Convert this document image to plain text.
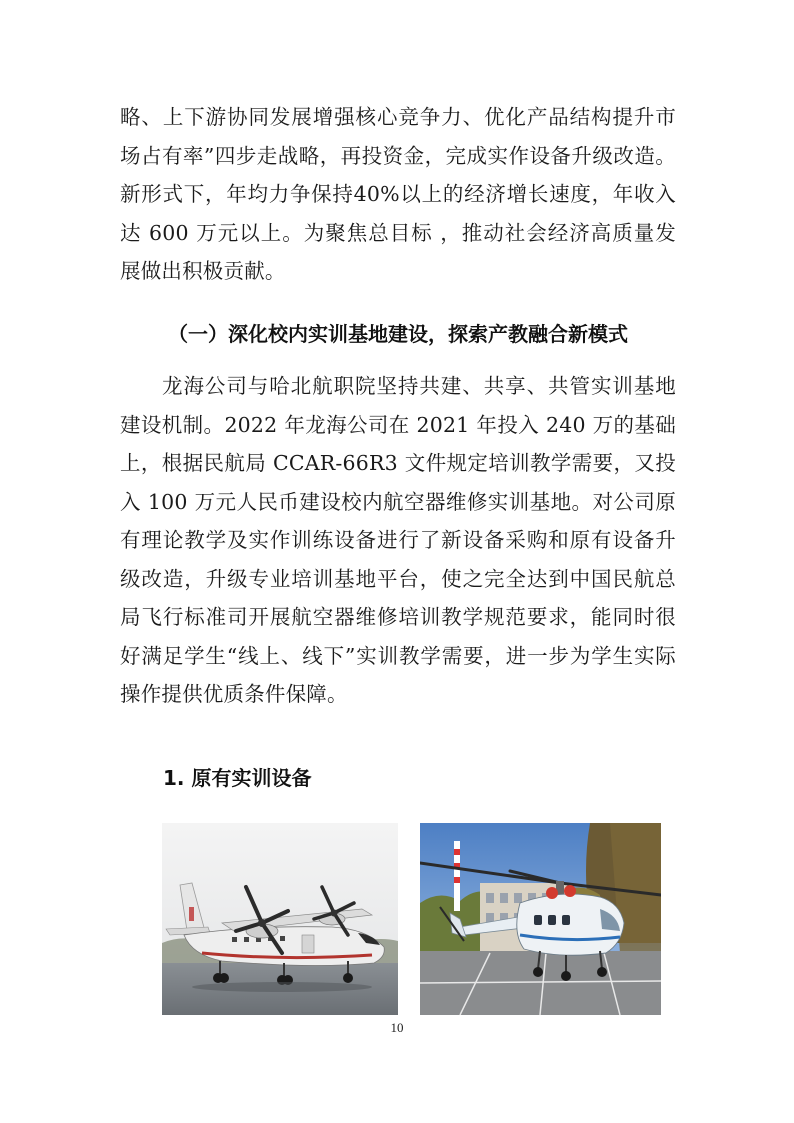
略、上下游协同发展增强核心竞争力、优化产品结构提升市场占有率”四步走战略，再投资金，完成实作设备升级改造。新形式下，年均力争保持40%以上的经济增长速度，年收入达 600 万元以上。为聚焦总目标 ，推动社会经济高质量发展做出积极贡献。

（一）深化校内实训基地建设，探索产教融合新模式

龙海公司与哈北航职院坚持共建、共享、共管实训基地建设机制。2022 年龙海公司在 2021 年投入 240 万的基础上，根据民航局 CCAR-66R3 文件规定培训教学需要，又投入 100 万元人民币建设校内航空器维修实训基地。对公司原有理论教学及实作训练设备进行了新设备采购和原有设备升级改造，升级专业培训基地平台，使之完全达到中国民航总局飞行标准司开展航空器维修培训教学规范要求，能同时很好满足学生“线上、线下”实训教学需要，进一步为学生实际操作提供优质条件保障。

1. 原有实训设备
10
